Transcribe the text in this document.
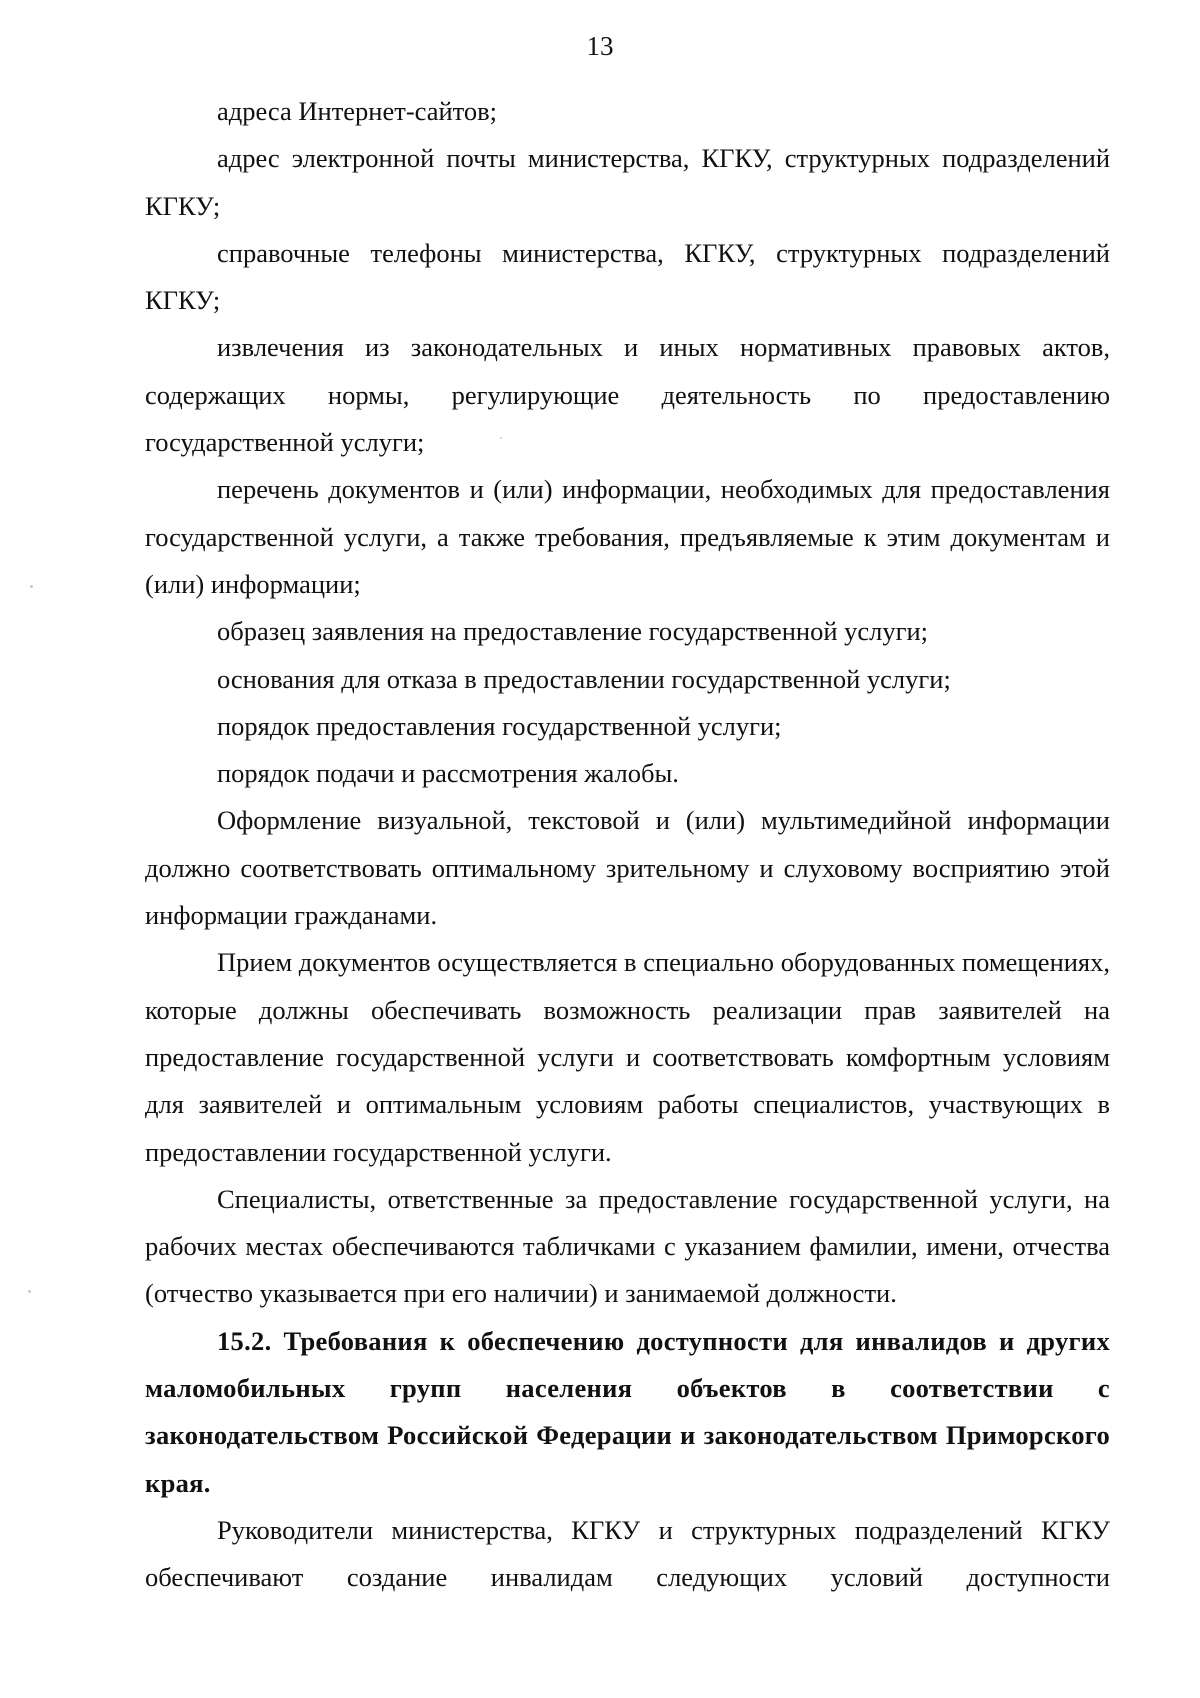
13

адреса Интернет-сайтов;

адрес электронной почты министерства, КГКУ, структурных подразделений КГКУ;

справочные телефоны министерства, КГКУ, структурных подразделений КГКУ;

извлечения из законодательных и иных нормативных правовых актов, содержащих нормы, регулирующие деятельность по предоставлению государственной услуги;

перечень документов и (или) информации, необходимых для предоставления государственной услуги, а также требования, предъявляемые к этим документам и (или) информации;

образец заявления на предоставление государственной услуги;

основания для отказа в предоставлении государственной услуги;

порядок предоставления государственной услуги;

порядок подачи и рассмотрения жалобы.

Оформление визуальной, текстовой и (или) мультимедийной информации должно соответствовать оптимальному зрительному и слуховому восприятию этой информации гражданами.

Прием документов осуществляется в специально оборудованных помещениях, которые должны обеспечивать возможность реализации прав заявителей на предоставление государственной услуги и соответствовать комфортным условиям для заявителей и оптимальным условиям работы специалистов, участвующих в предоставлении государственной услуги.

Специалисты, ответственные за предоставление государственной услуги, на рабочих местах обеспечиваются табличками с указанием фамилии, имени, отчества (отчество указывается при его наличии) и занимаемой должности.

15.2. Требования к обеспечению доступности для инвалидов и других маломобильных групп населения объектов в соответствии с законодательством Российской Федерации и законодательством Приморского края.

Руководители министерства, КГКУ и структурных подразделений КГКУ обеспечивают создание инвалидам следующих условий доступности
